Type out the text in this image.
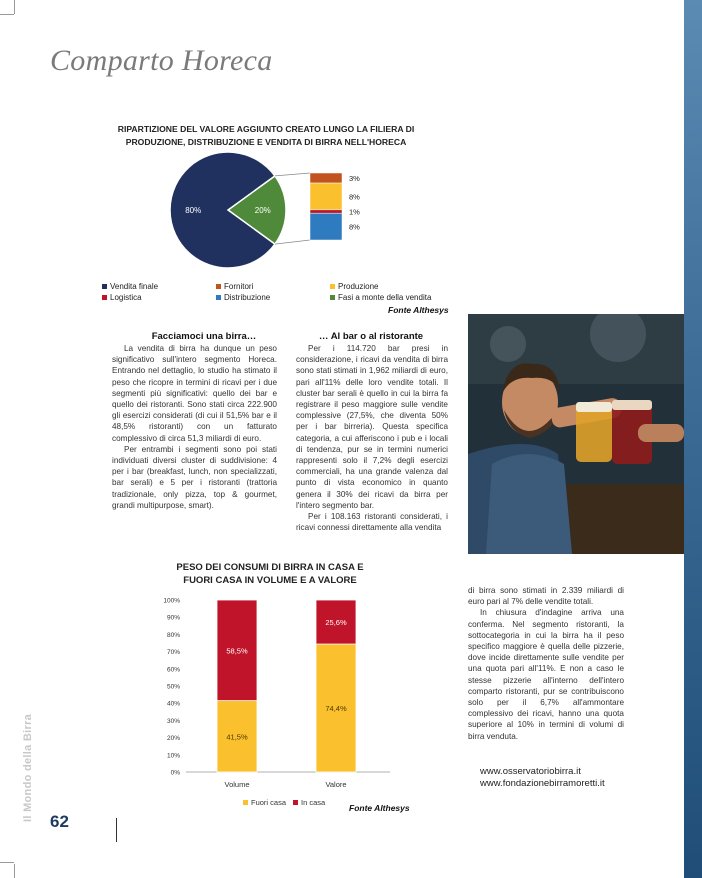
Comparto Horeca
RIPARTIZIONE DEL VALORE AGGIUNTO CREATO LUNGO LA FILIERA DI PRODUZIONE, DISTRIBUZIONE E VENDITA DI BIRRA NELL'HORECA
20%
80%
3%
8%
1%
8%
Vendita finale
Logistica
Fornitori
Distribuzione
Produzione
Fasi a monte della vendita
Fonte Althesys
Facciamoci una birra…

La vendita di birra ha dunque un peso significativo sull'intero segmento Horeca. Entrando nel dettaglio, lo studio ha stimato il peso che ricopre in termini di ricavi per i due segmenti più significativi: quello dei bar e quello dei ristoranti. Sono stati circa 222.900 gli esercizi considerati (di cui il 51,5% bar e il 48,5% ristoranti) con un fatturato complessivo di circa 51,3 miliardi di euro.

Per entrambi i segmenti sono poi stati individuati diversi cluster di suddivisione: 4 per i bar (breakfast, lunch, non specializzati, bar serali) e 5 per i ristoranti (trattoria tradizionale, only pizza, top & gourmet, grandi multipurpose, smart).

… Al bar o al ristorante

Per i 114.720 bar presi in considerazione, i ricavi da vendita di birra sono stati stimati in 1,962 miliardi di euro, pari all'11% delle loro vendite totali. Il cluster bar serali è quello in cui la birra fa registrare il peso maggiore sulle vendite complessive (27,5%, che diventa 50% per i bar birreria). Questa specifica categoria, a cui afferiscono i pub e i locali di tendenza, pur se in termini numerici rappresenti solo il 7,2% degli esercizi commerciali, ha una grande valenza dal punto di vista economico in quanto genera il 30% dei ricavi da birra per l'intero segmento bar.

Per i 108.163 ristoranti considerati, i ricavi connessi direttamente alla vendita

PESO DEI CONSUMI DI BIRRA IN CASA E
FUORI CASA IN VOLUME E A VALORE
0%
10%
20%
30%
40%
50%
60%
70%
80%
90%
100%
41,5%
58,5%
Volume
74,4%
25,6%
Valore
Fuori casa In casa
Fonte Althesys

di birra sono stimati in 2.339 miliardi di euro pari al 7% delle vendite totali.

In chiusura d'indagine arriva una conferma. Nel segmento ristoranti, la sottocategoria in cui la birra ha il peso specifico maggiore è quella delle pizzerie, dove incide direttamente sulle vendite per una quota pari all'11%. E non a caso le stesse pizzerie all'interno dell'intero comparto ristoranti, pur se contribuiscono solo per il 6,7% all'ammontare complessivo dei ricavi, hanno una quota superiore al 10% in termini di volumi di birra venduta.

www.osservatoriobirra.it
www.fondazionebirramoretti.it
Il Mondo della Birra 62
